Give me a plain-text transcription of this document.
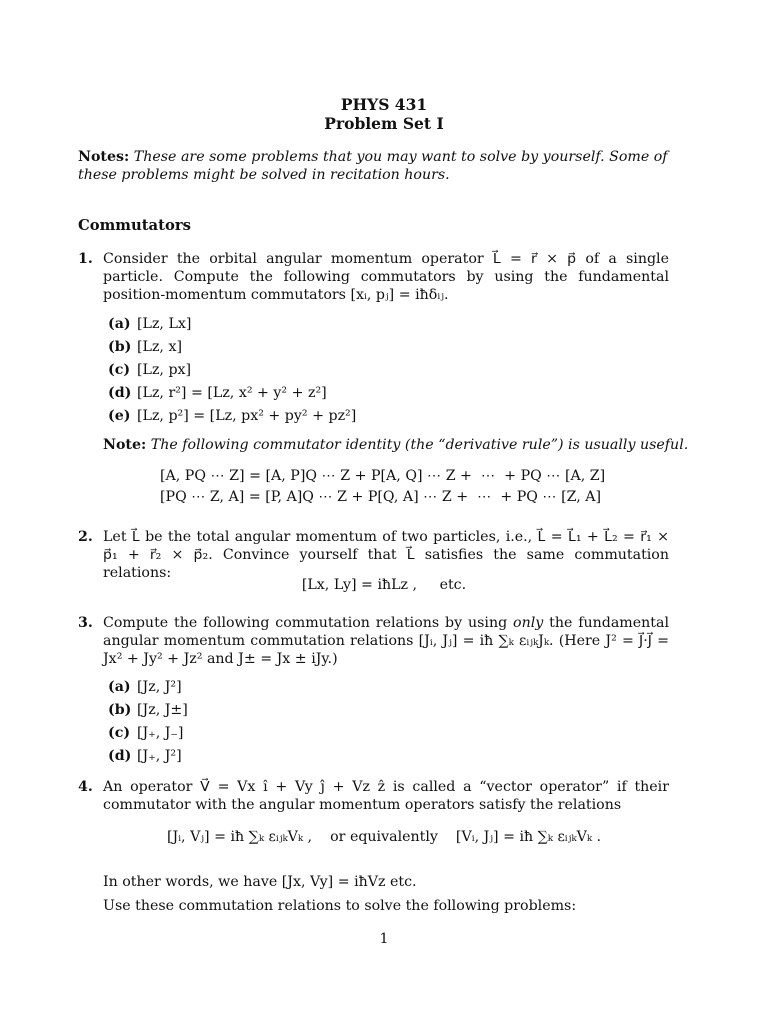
PHYS 431
Problem Set I
Notes: These are some problems that you may want to solve by yourself. Some of these problems might be solved in recitation hours.
Commutators
1. Consider the orbital angular momentum operator L⃗ = r⃗ × p⃗ of a single particle. Compute the following commutators by using the fundamental position-momentum commutators [xᵢ, pⱼ] = iħδᵢⱼ.
(a) [Lz, Lx]
(b) [Lz, x]
(c) [Lz, px]
(d) [Lz, r²] = [Lz, x² + y² + z²]
(e) [Lz, p²] = [Lz, px² + py² + pz²]
Note: The following commutator identity (the “derivative rule”) is usually useful.
[A, PQ ⋯ Z] = [A, P]Q ⋯ Z + P[A, Q] ⋯ Z +  ⋯  + PQ ⋯ [A, Z]
[PQ ⋯ Z, A] = [P, A]Q ⋯ Z + P[Q, A] ⋯ Z +  ⋯  + PQ ⋯ [Z, A]
2. Let L⃗ be the total angular momentum of two particles, i.e., L⃗ = L⃗₁ + L⃗₂ = r⃗₁ × p⃗₁ + r⃗₂ × p⃗₂. Convince yourself that L⃗ satisfies the same commutation relations:
[Lx, Ly] = iħLz ,     etc.
3. Compute the following commutation relations by using only the fundamental angular momentum commutation relations [Jᵢ, Jⱼ] = iħ ∑ₖ εᵢⱼₖJₖ. (Here J² = J⃗·J⃗ = Jx² + Jy² + Jz² and J± = Jx ± iJy.)
(a) [Jz, J²]
(b) [Jz, J±]
(c) [J₊, J₋]
(d) [J₊, J²]
4. An operator V⃗ = Vx î + Vy ĵ + Vz ẑ is called a “vector operator” if their commutator with the angular momentum operators satisfy the relations
[Jᵢ, Vⱼ] = iħ ∑ₖ εᵢⱼₖVₖ ,    or equivalently    [Vᵢ, Jⱼ] = iħ ∑ₖ εᵢⱼₖVₖ .
In other words, we have [Jx, Vy] = iħVz etc.
Use these commutation relations to solve the following problems:
1
